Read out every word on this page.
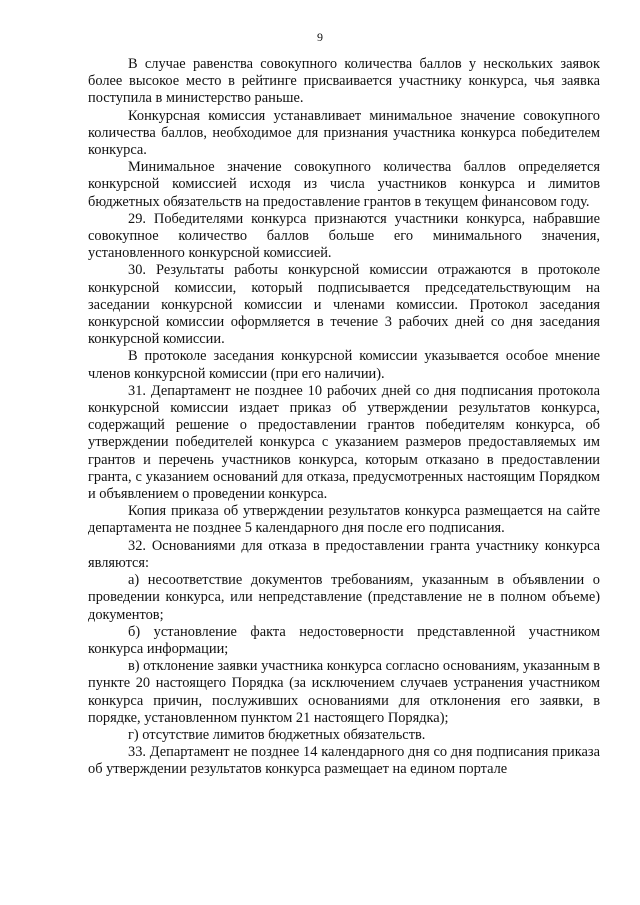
9

В случае равенства совокупного количества баллов у нескольких заявок более высокое место в рейтинге присваивается участнику конкурса, чья заявка поступила в министерство раньше.

Конкурсная комиссия устанавливает минимальное значение совокупного количества баллов, необходимое для признания участника конкурса победителем конкурса.

Минимальное значение совокупного количества баллов определяется конкурсной комиссией исходя из числа участников конкурса и лимитов бюджетных обязательств на предоставление грантов в текущем финансовом году.

29. Победителями конкурса признаются участники конкурса, набравшие совокупное количество баллов больше его минимального значения, установленного конкурсной комиссией.

30. Результаты работы конкурсной комиссии отражаются в протоколе конкурсной комиссии, который подписывается председательствующим на заседании конкурсной комиссии и членами комиссии. Протокол заседания конкурсной комиссии оформляется в течение 3 рабочих дней со дня заседания конкурсной комиссии.

В протоколе заседания конкурсной комиссии указывается особое мнение членов конкурсной комиссии (при его наличии).

31. Департамент не позднее 10 рабочих дней со дня подписания протокола конкурсной комиссии издает приказ об утверждении результатов конкурса, содержащий решение о предоставлении грантов победителям конкурса, об утверждении победителей конкурса с указанием размеров предоставляемых им грантов и перечень участников конкурса, которым отказано в предоставлении гранта, с указанием оснований для отказа, предусмотренных настоящим Порядком и объявлением о проведении конкурса.

Копия приказа об утверждении результатов конкурса размещается на сайте департамента не позднее 5 календарного дня после его подписания.

32. Основаниями для отказа в предоставлении гранта участнику конкурса являются:

а) несоответствие документов требованиям, указанным в объявлении о проведении конкурса, или непредставление (представление не в полном объеме) документов;

б) установление факта недостоверности представленной участником конкурса информации;

в) отклонение заявки участника конкурса согласно основаниям, указанным в пункте 20 настоящего Порядка (за исключением случаев устранения участником конкурса причин, послуживших основаниями для отклонения его заявки, в порядке, установленном пунктом 21 настоящего Порядка);

г) отсутствие лимитов бюджетных обязательств.

33. Департамент не позднее 14 календарного дня со дня подписания приказа об утверждении результатов конкурса размещает на едином портале
